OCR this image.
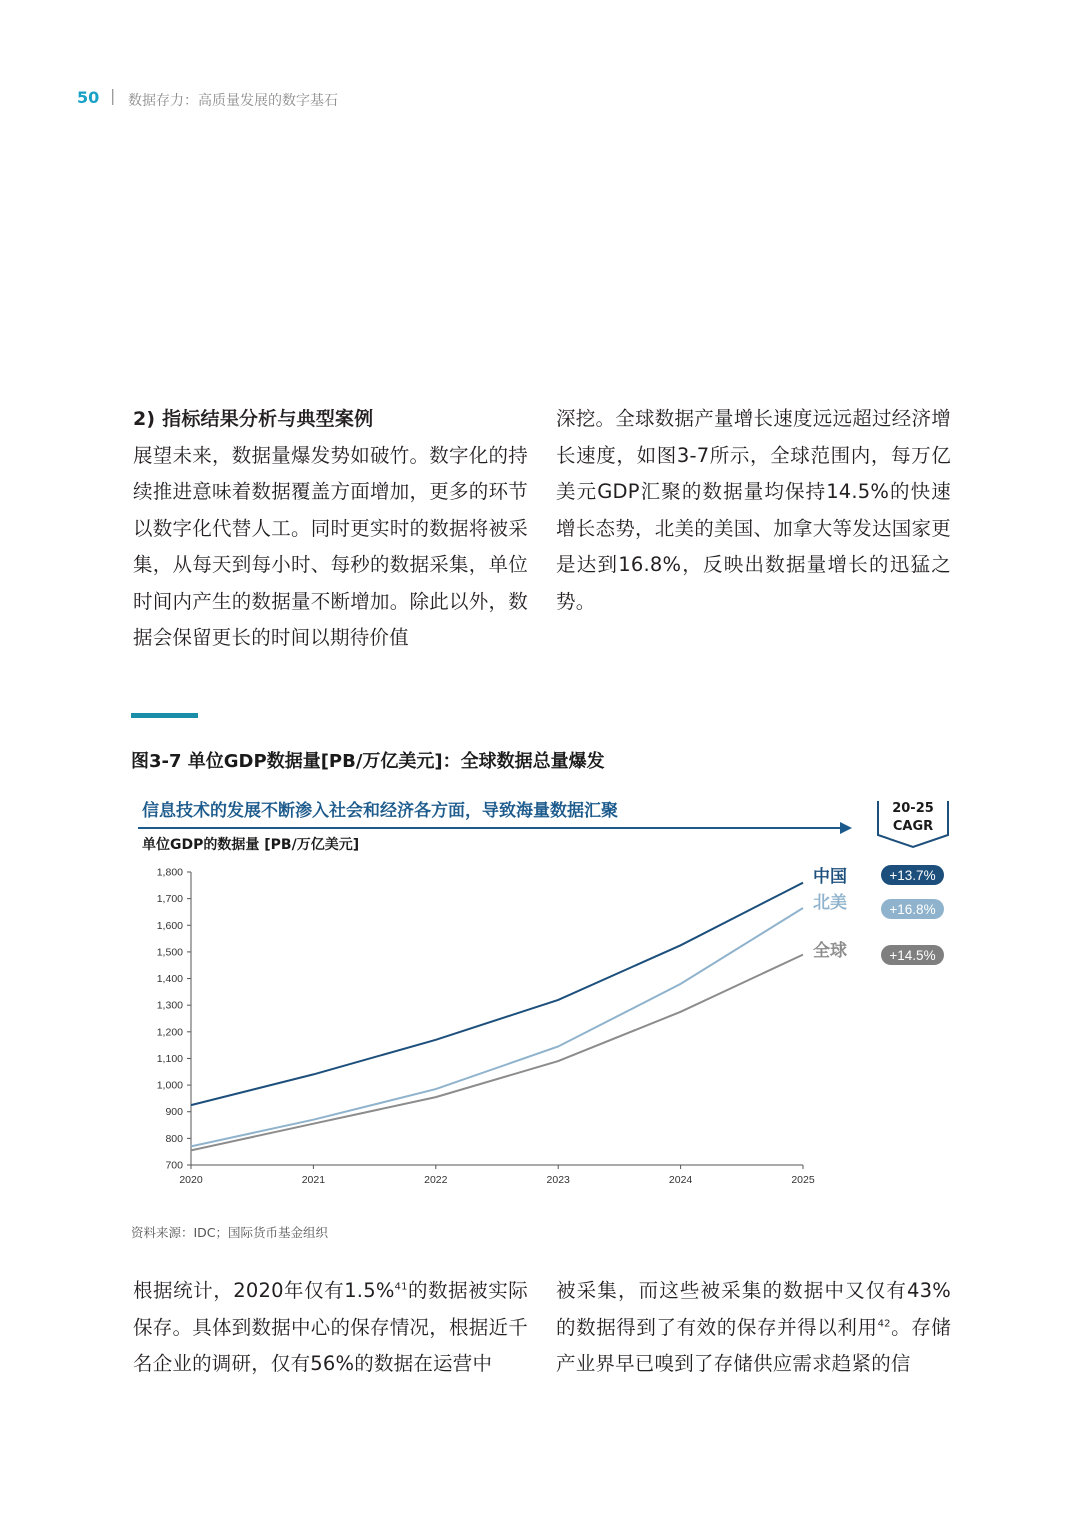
50 | 数据存力：高质量发展的数字基石

2) 指标结果分析与典型案例

展望未来，数据量爆发势如破竹。数字化的持续推进意味着数据覆盖方面增加，更多的环节以数字化代替人工。同时更实时的数据将被采集，从每天到每小时、每秒的数据采集，单位时间内产生的数据量不断增加。除此以外，数据会保留更长的时间以期待价值

深挖。全球数据产量增长速度远远超过经济增长速度，如图3-7所示，全球范围内，每万亿美元GDP汇聚的数据量均保持14.5%的快速增长态势，北美的美国、加拿大等发达国家更是达到16.8%，反映出数据量增长的迅猛之势。

图3-7 单位GDP数据量[PB/万亿美元]：全球数据总量爆发
信息技术的发展不断渗入社会和经济各方面，导致海量数据汇聚
单位GDP的数据量 [PB/万亿美元]
20-25
CAGR
700
800
900
1,000
1,100
1,200
1,300
1,400
1,500
1,600
1,700
1,800
2020	2021	2022	2023	2024	2025
中国	+13.7%
北美	+16.8%
全球	+14.5%
资料来源：IDC；国际货币基金组织

根据统计，2020年仅有1.5%$^{41}$的数据被实际保存。具体到数据中心的保存情况，根据近千名企业的调研，仅有56%的数据在运营中

被采集，而这些被采集的数据中又仅有43%的数据得到了有效的保存并得以利用$^{42}$。存储产业界早已嗅到了存储供应需求趋紧的信
